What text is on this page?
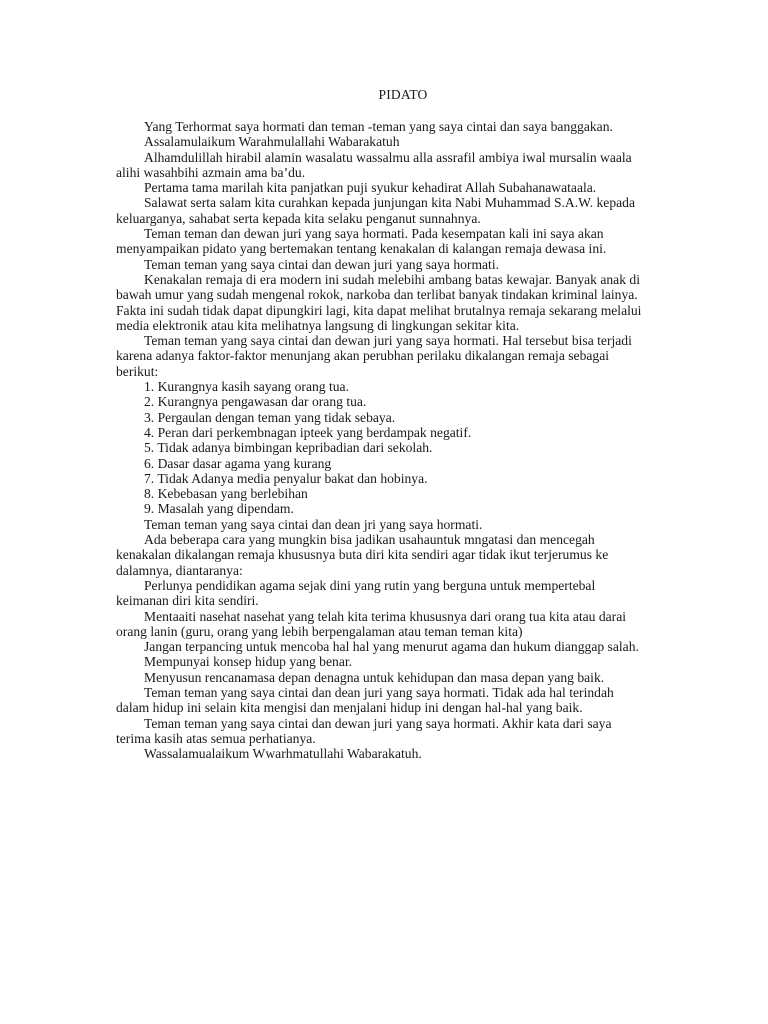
PIDATO

Yang Terhormat saya hormati dan teman -teman yang saya cintai dan saya banggakan.

Assalamulaikum Warahmulallahi Wabarakatuh

Alhamdulillah hirabil alamin wasalatu wassalmu alla assrafil ambiya iwal mursalin waala alihi wasahbihi azmain ama ba’du.

Pertama tama marilah kita panjatkan puji syukur kehadirat Allah Subahanawataala.

Salawat serta salam kita curahkan kepada junjungan kita Nabi Muhammad S.A.W. kepada keluarganya, sahabat serta kepada kita selaku penganut sunnahnya.

Teman teman dan dewan juri yang saya hormati. Pada kesempatan kali ini saya akan menyampaikan pidato yang bertemakan tentang kenakalan di kalangan remaja dewasa ini.

Teman teman yang saya cintai dan dewan juri yang saya hormati.

Kenakalan remaja di era modern ini sudah melebihi ambang batas kewajar. Banyak anak di bawah umur yang sudah mengenal rokok, narkoba dan terlibat banyak tindakan kriminal lainya. Fakta ini sudah tidak dapat dipungkiri lagi, kita dapat melihat brutalnya remaja sekarang melalui media elektronik atau kita melihatnya langsung di lingkungan sekitar kita.

Teman teman yang saya cintai dan dewan juri yang saya hormati. Hal tersebut bisa terjadi karena adanya faktor-faktor menunjang akan perubhan perilaku dikalangan remaja sebagai berikut:

1. Kurangnya kasih sayang orang tua.

2. Kurangnya pengawasan dar orang tua.

3. Pergaulan dengan teman yang tidak sebaya.

4. Peran dari perkembnagan ipteek yang berdampak negatif.

5. Tidak adanya bimbingan kepribadian dari sekolah.

6. Dasar dasar agama yang kurang

7. Tidak Adanya media penyalur bakat dan hobinya.

8. Kebebasan yang berlebihan

9. Masalah yang dipendam.

Teman teman yang saya cintai dan dean jri yang saya hormati.

Ada beberapa cara yang mungkin bisa jadikan usahauntuk mngatasi dan mencegah kenakalan dikalangan remaja khususnya buta diri kita sendiri agar tidak ikut terjerumus ke dalamnya, diantaranya:

Perlunya pendidikan agama sejak dini yang rutin yang berguna untuk mempertebal keimanan diri kita sendiri.

Mentaaiti nasehat nasehat yang telah kita terima khususnya dari orang tua kita atau darai orang lanin (guru, orang yang lebih berpengalaman atau teman teman kita)

Jangan terpancing untuk mencoba hal hal yang menurut agama dan hukum dianggap salah.

Mempunyai konsep hidup yang benar.

Menyusun rencanamasa depan denagna untuk kehidupan dan masa depan yang baik.

Teman teman yang saya cintai dan dean juri yang saya hormati. Tidak ada hal terindah dalam hidup ini selain kita mengisi dan menjalani hidup ini dengan hal-hal yang baik.

Teman teman yang saya cintai dan dewan juri yang saya hormati. Akhir kata dari saya terima kasih atas semua perhatianya.

Wassalamualaikum Wwarhmatullahi Wabarakatuh.
